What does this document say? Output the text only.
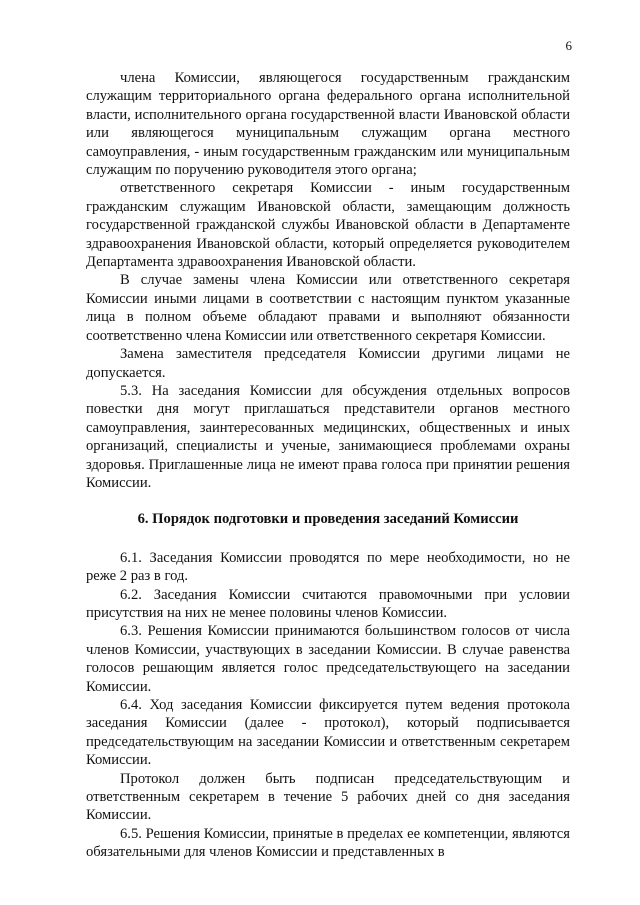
6

члена Комиссии, являющегося государственным гражданским служащим территориального органа федерального органа исполнительной власти, исполнительного органа государственной власти Ивановской области или являющегося муниципальным служащим органа местного самоуправления, - иным государственным гражданским или муниципальным служащим по поручению руководителя этого органа;

ответственного секретаря Комиссии - иным государственным гражданским служащим Ивановской области, замещающим должность государственной гражданской службы Ивановской области в Департаменте здравоохранения Ивановской области, который определяется руководителем Департамента здравоохранения Ивановской области.

В случае замены члена Комиссии или ответственного секретаря Комиссии иными лицами в соответствии с настоящим пунктом указанные лица в полном объеме обладают правами и выполняют обязанности соответственно члена Комиссии или ответственного секретаря Комиссии.

Замена заместителя председателя Комиссии другими лицами не допускается.

5.3. На заседания Комиссии для обсуждения отдельных вопросов повестки дня могут приглашаться представители органов местного самоуправления, заинтересованных медицинских, общественных и иных организаций, специалисты и ученые, занимающиеся проблемами охраны здоровья. Приглашенные лица не имеют права голоса при принятии решения Комиссии.

6. Порядок подготовки и проведения заседаний Комиссии

6.1. Заседания Комиссии проводятся по мере необходимости, но не реже 2 раз в год.

6.2. Заседания Комиссии считаются правомочными при условии присутствия на них не менее половины членов Комиссии.

6.3. Решения Комиссии принимаются большинством голосов от числа членов Комиссии, участвующих в заседании Комиссии. В случае равенства голосов решающим является голос председательствующего на заседании Комиссии.

6.4. Ход заседания Комиссии фиксируется путем ведения протокола заседания Комиссии (далее - протокол), который подписывается председательствующим на заседании Комиссии и ответственным секретарем Комиссии.

Протокол должен быть подписан председательствующим и ответственным секретарем в течение 5 рабочих дней со дня заседания Комиссии.

6.5. Решения Комиссии, принятые в пределах ее компетенции, являются обязательными для членов Комиссии и представленных в
